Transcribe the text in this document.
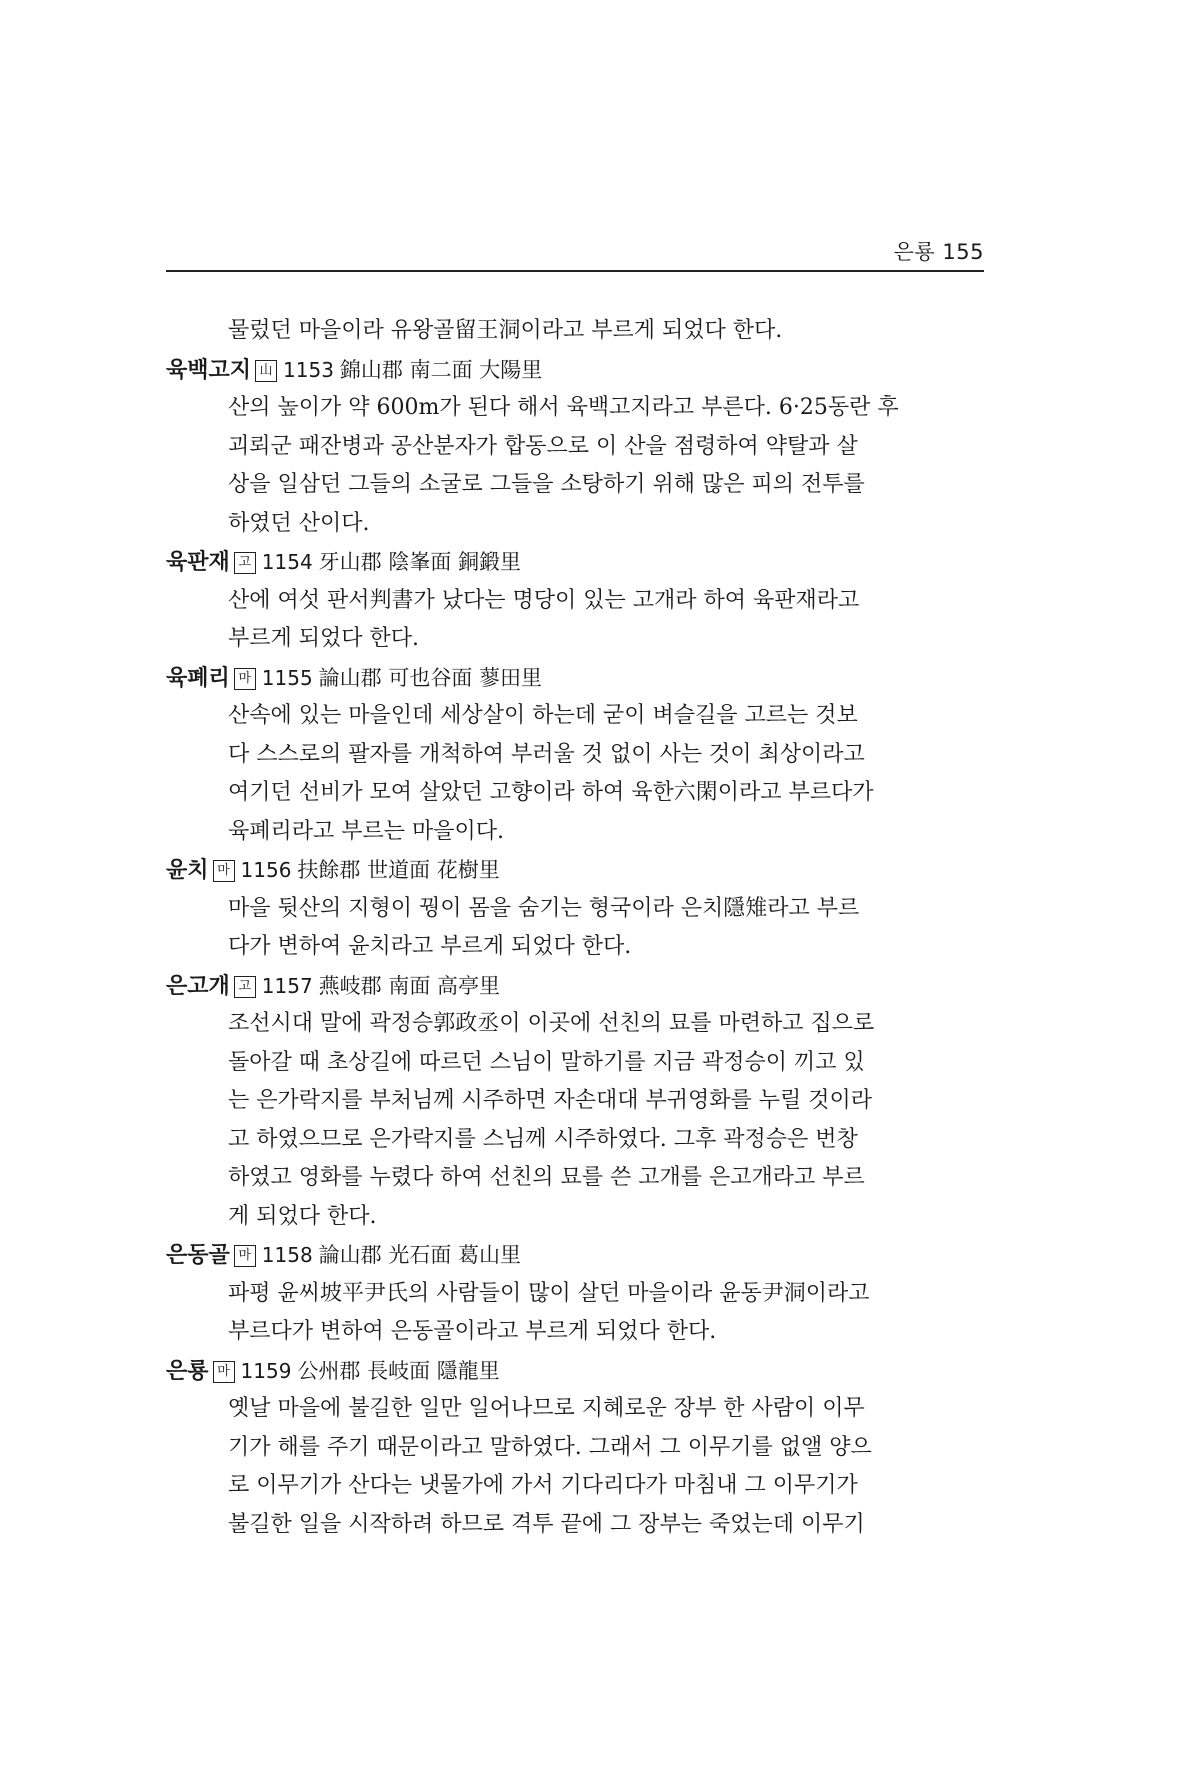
은룡 155
물렀던 마을이라 유왕골留王洞이라고 부르게 되었다 한다.
육백고지 山 1153 錦山郡 南二面 大陽里
산의 높이가 약 600m가 된다 해서 육백고지라고 부른다. 6·25동란 후
괴뢰군 패잔병과 공산분자가 합동으로 이 산을 점령하여 약탈과 살
상을 일삼던 그들의 소굴로 그들을 소탕하기 위해 많은 피의 전투를
하였던 산이다.
육판재 고 1154 牙山郡 陰峯面 銅鍛里
산에 여섯 판서判書가 났다는 명당이 있는 고개라 하여 육판재라고
부르게 되었다 한다.
육폐리 마 1155 論山郡 可也谷面 蓼田里
산속에 있는 마을인데 세상살이 하는데 굳이 벼슬길을 고르는 것보
다 스스로의 팔자를 개척하여 부러울 것 없이 사는 것이 최상이라고
여기던 선비가 모여 살았던 고향이라 하여 육한六閑이라고 부르다가
육폐리라고 부르는 마을이다.
윤치 마 1156 扶餘郡 世道面 花樹里
마을 뒷산의 지형이 꿩이 몸을 숨기는 형국이라 은치隱雉라고 부르
다가 변하여 윤치라고 부르게 되었다 한다.
은고개 고 1157 燕岐郡 南面 高亭里
조선시대 말에 곽정승郭政丞이 이곳에 선친의 묘를 마련하고 집으로
돌아갈 때 초상길에 따르던 스님이 말하기를 지금 곽정승이 끼고 있
는 은가락지를 부처님께 시주하면 자손대대 부귀영화를 누릴 것이라
고 하였으므로 은가락지를 스님께 시주하였다. 그후 곽정승은 번창
하였고 영화를 누렸다 하여 선친의 묘를 쓴 고개를 은고개라고 부르
게 되었다 한다.
은동골 마 1158 論山郡 光石面 葛山里
파평 윤씨坡平尹氏의 사람들이 많이 살던 마을이라 윤동尹洞이라고
부르다가 변하여 은동골이라고 부르게 되었다 한다.
은룡 마 1159 公州郡 長岐面 隱龍里
옛날 마을에 불길한 일만 일어나므로 지혜로운 장부 한 사람이 이무
기가 해를 주기 때문이라고 말하였다. 그래서 그 이무기를 없앨 양으
로 이무기가 산다는 냇물가에 가서 기다리다가 마침내 그 이무기가
불길한 일을 시작하려 하므로 격투 끝에 그 장부는 죽었는데 이무기
